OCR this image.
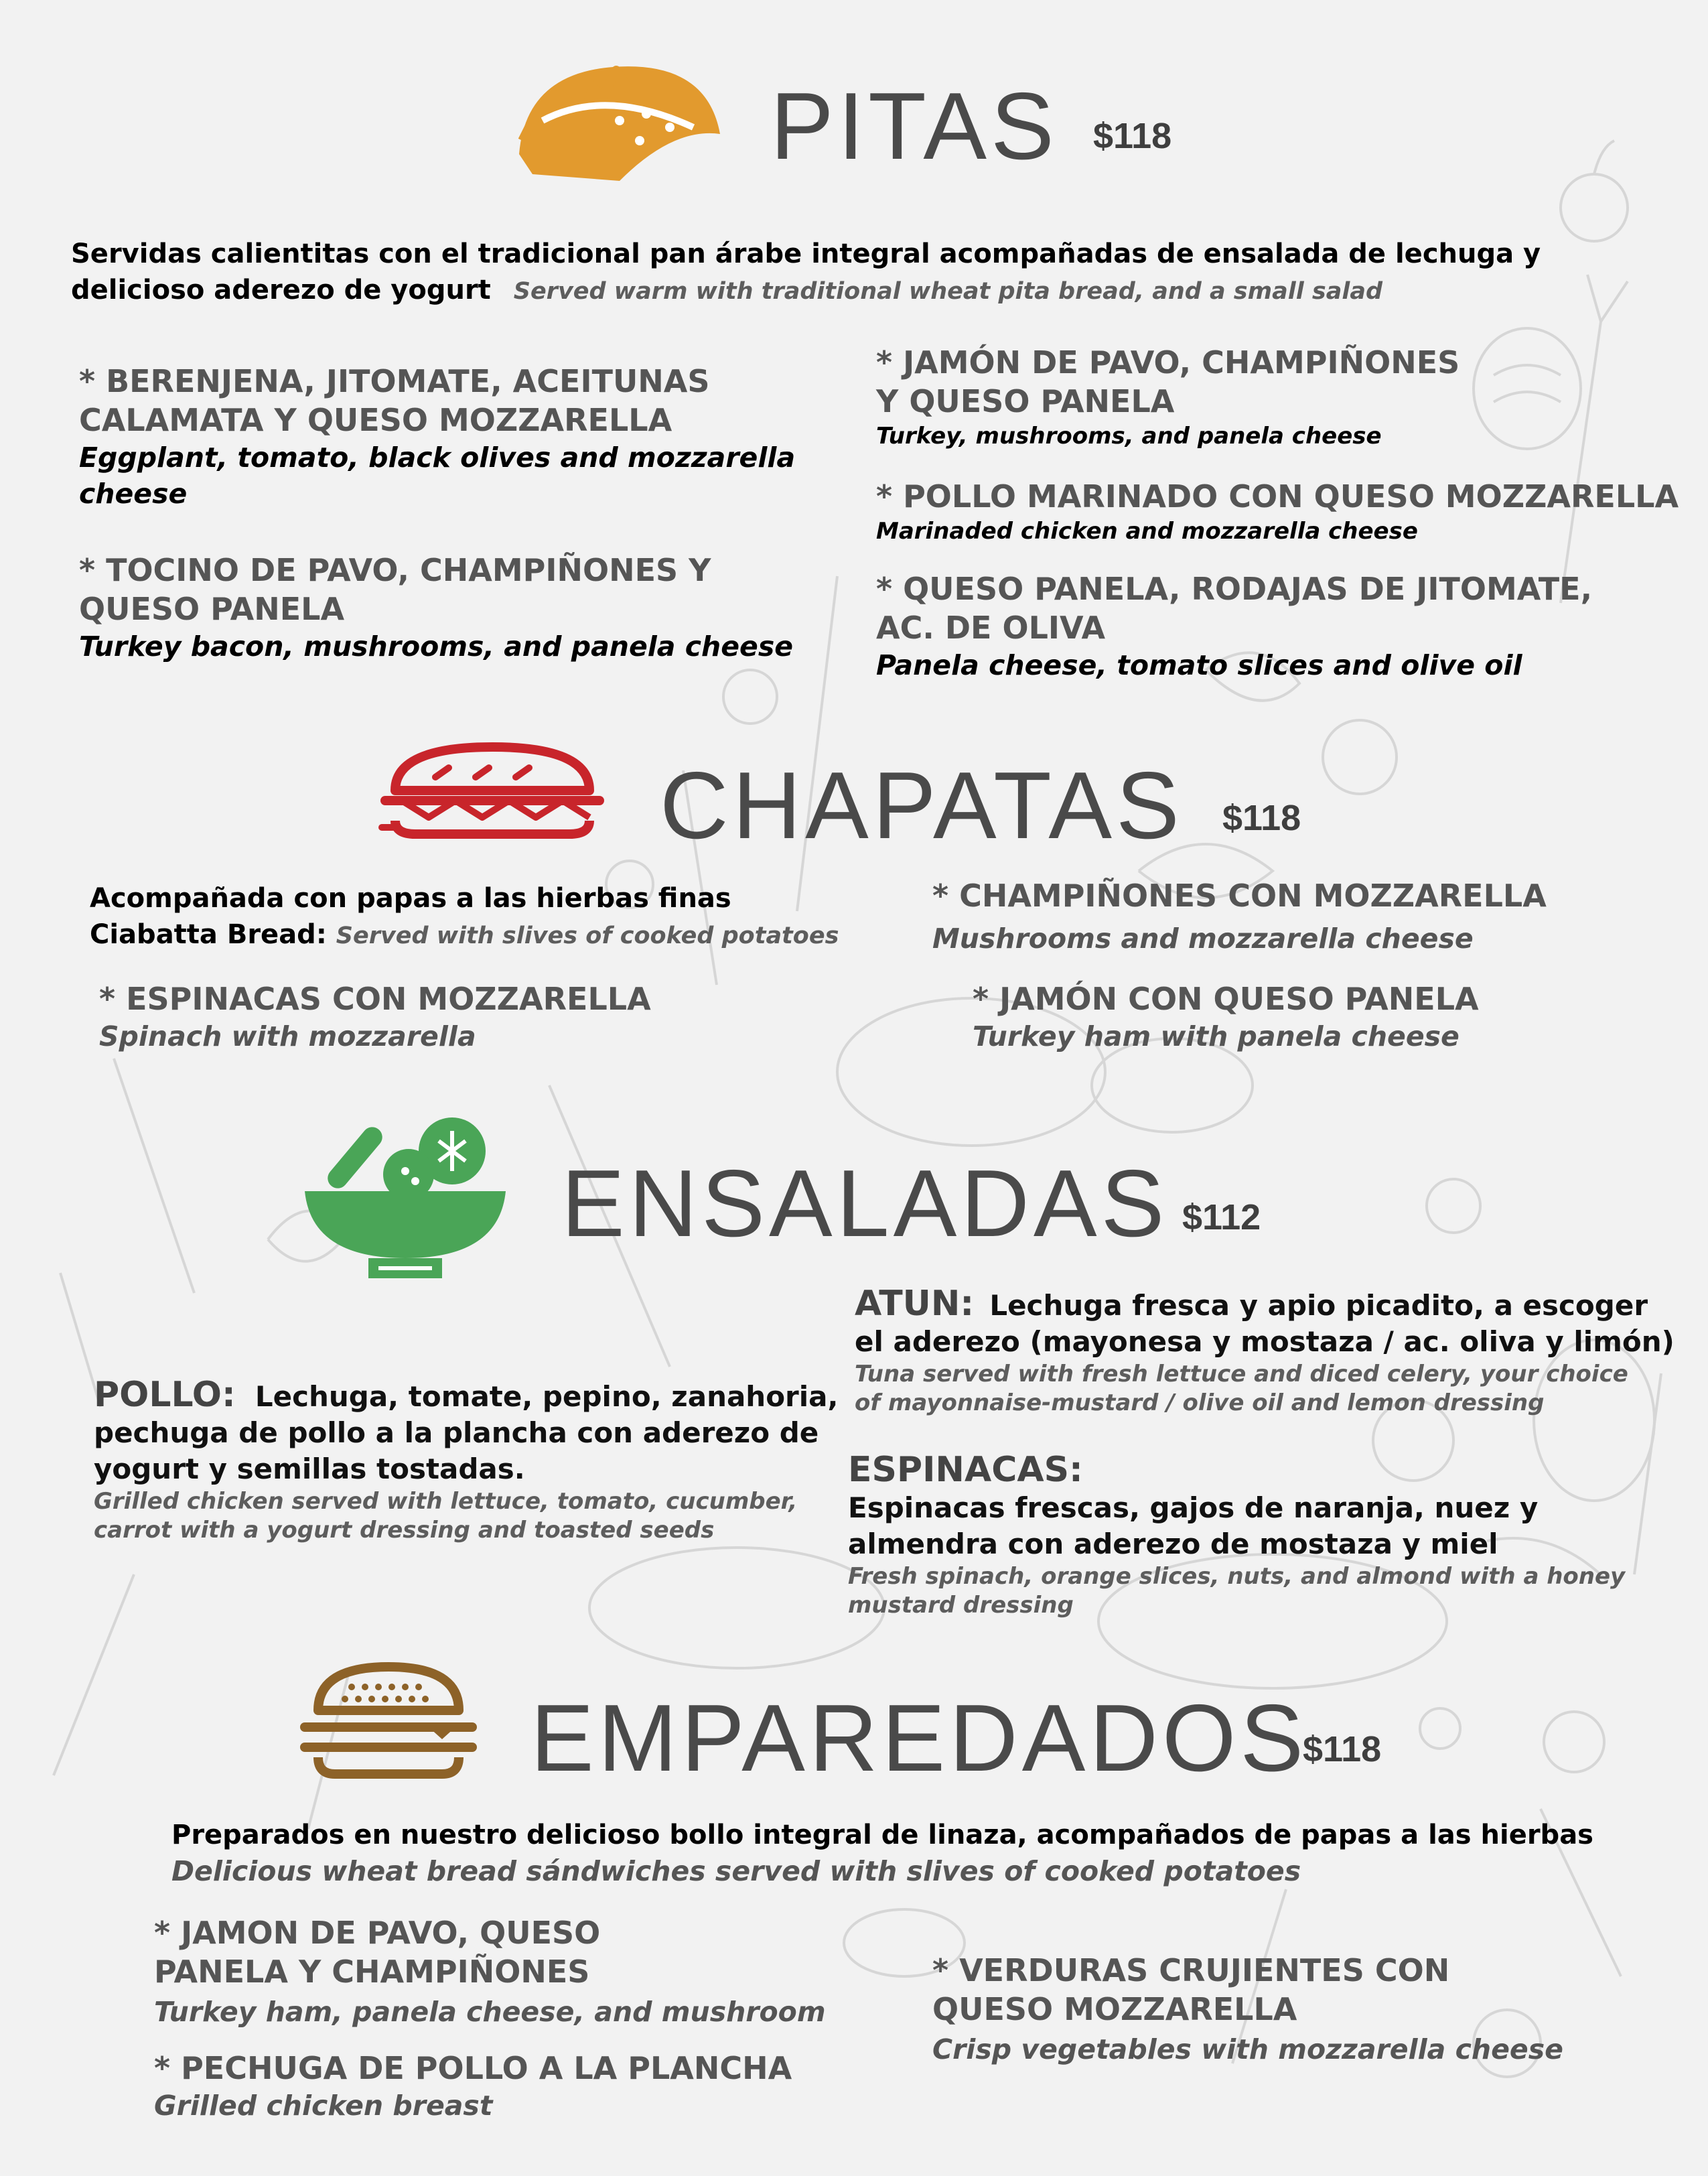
PITAS $118
Servidas calientitas con el tradicional pan árabe integral acompañadas de ensalada de lechuga y
delicioso aderezo de yogurt Served warm with traditional wheat pita bread, and a small salad
* BERENJENA, JITOMATE, ACEITUNAS
CALAMATA Y QUESO MOZZARELLA
Eggplant, tomato, black olives and mozzarella
cheese
* TOCINO DE PAVO, CHAMPIÑONES Y
QUESO PANELA
Turkey bacon, mushrooms, and panela cheese
* JAMÓN DE PAVO, CHAMPIÑONES
Y QUESO PANELA
Turkey, mushrooms, and panela cheese
* POLLO MARINADO CON QUESO MOZZARELLA
Marinaded chicken and mozzarella cheese
* QUESO PANELA, RODAJAS DE JITOMATE,
AC. DE OLIVA
Panela cheese, tomato slices and olive oil
CHAPATAS $118
Acompañada con papas a las hierbas finas
Ciabatta Bread: Served with slives of cooked potatoes
* ESPINACAS CON MOZZARELLA
Spinach with mozzarella
* CHAMPIÑONES CON MOZZARELLA
Mushrooms and mozzarella cheese
* JAMÓN CON QUESO PANELA
Turkey ham with panela cheese
ENSALADAS $112
POLLO: Lechuga, tomate, pepino, zanahoria,
pechuga de pollo a la plancha con aderezo de
yogurt y semillas tostadas.
Grilled chicken served with lettuce, tomato, cucumber,
carrot with a yogurt dressing and toasted seeds
ATUN: Lechuga fresca y apio picadito, a escoger
el aderezo (mayonesa y mostaza / ac. oliva y limón)
Tuna served with fresh lettuce and diced celery, your choice
of mayonnaise-mustard / olive oil and lemon dressing
ESPINACAS:
Espinacas frescas, gajos de naranja, nuez y
almendra con aderezo de mostaza y miel
Fresh spinach, orange slices, nuts, and almond with a honey
mustard dressing
EMPAREDADOS
$118
Preparados en nuestro delicioso bollo integral de linaza, acompañados de papas a las hierbas
Delicious wheat bread sándwiches served with slives of cooked potatoes
* JAMON DE PAVO, QUESO
PANELA Y CHAMPIÑONES
Turkey ham, panela cheese, and mushroom
* PECHUGA DE POLLO A LA PLANCHA
Grilled chicken breast
* VERDURAS CRUJIENTES CON
QUESO MOZZARELLA
Crisp vegetables with mozzarella cheese
